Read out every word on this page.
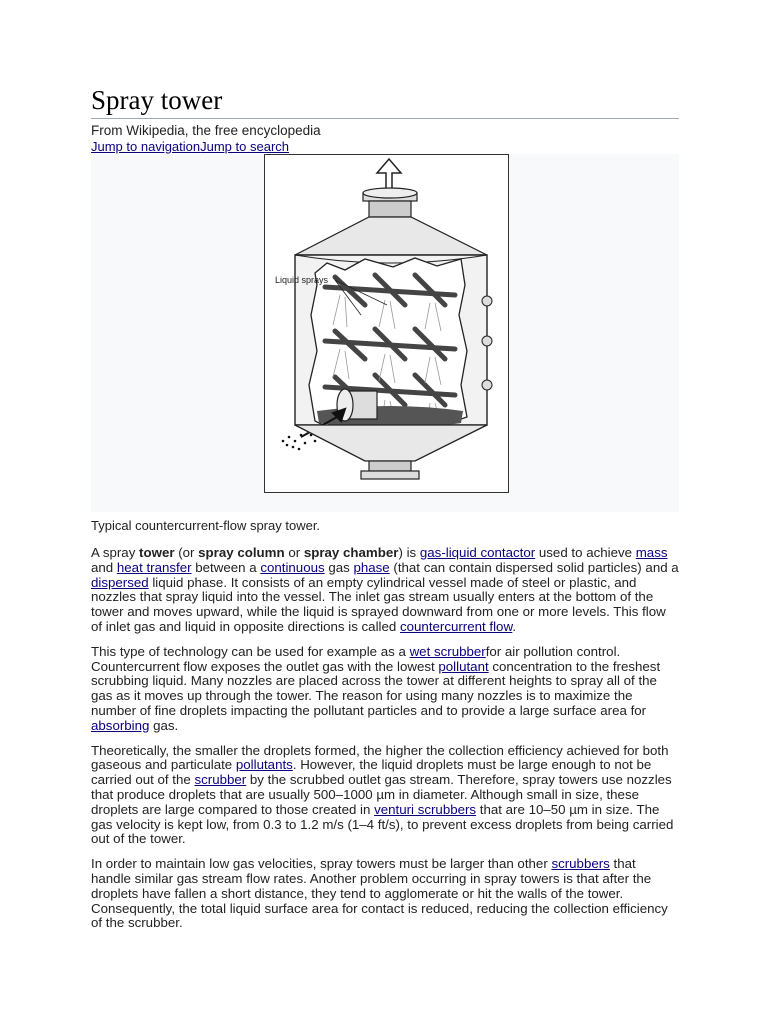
Spray tower
From Wikipedia, the free encyclopedia
Jump to navigationJump to search
Liquid sprays
Typical countercurrent-flow spray tower.

A spray tower (or spray column or spray chamber) is gas-liquid contactor used to achieve mass and heat transfer between a continuous gas phase (that can contain dispersed solid particles) and a dispersed liquid phase. It consists of an empty cylindrical vessel made of steel or plastic, and nozzles that spray liquid into the vessel. The inlet gas stream usually enters at the bottom of the tower and moves upward, while the liquid is sprayed downward from one or more levels. This flow of inlet gas and liquid in opposite directions is called countercurrent flow.

This type of technology can be used for example as a wet scrubberfor air pollution control. Countercurrent flow exposes the outlet gas with the lowest pollutant concentration to the freshest scrubbing liquid. Many nozzles are placed across the tower at different heights to spray all of the gas as it moves up through the tower. The reason for using many nozzles is to maximize the number of fine droplets impacting the pollutant particles and to provide a large surface area for absorbing gas.

Theoretically, the smaller the droplets formed, the higher the collection efficiency achieved for both gaseous and particulate pollutants. However, the liquid droplets must be large enough to not be carried out of the scrubber by the scrubbed outlet gas stream. Therefore, spray towers use nozzles that produce droplets that are usually 500–1000 µm in diameter. Although small in size, these droplets are large compared to those created in venturi scrubbers that are 10–50 µm in size. The gas velocity is kept low, from 0.3 to 1.2 m/s (1–4 ft/s), to prevent excess droplets from being carried out of the tower.

In order to maintain low gas velocities, spray towers must be larger than other scrubbers that handle similar gas stream flow rates. Another problem occurring in spray towers is that after the droplets have fallen a short distance, they tend to agglomerate or hit the walls of the tower. Consequently, the total liquid surface area for contact is reduced, reducing the collection efficiency of the scrubber.
